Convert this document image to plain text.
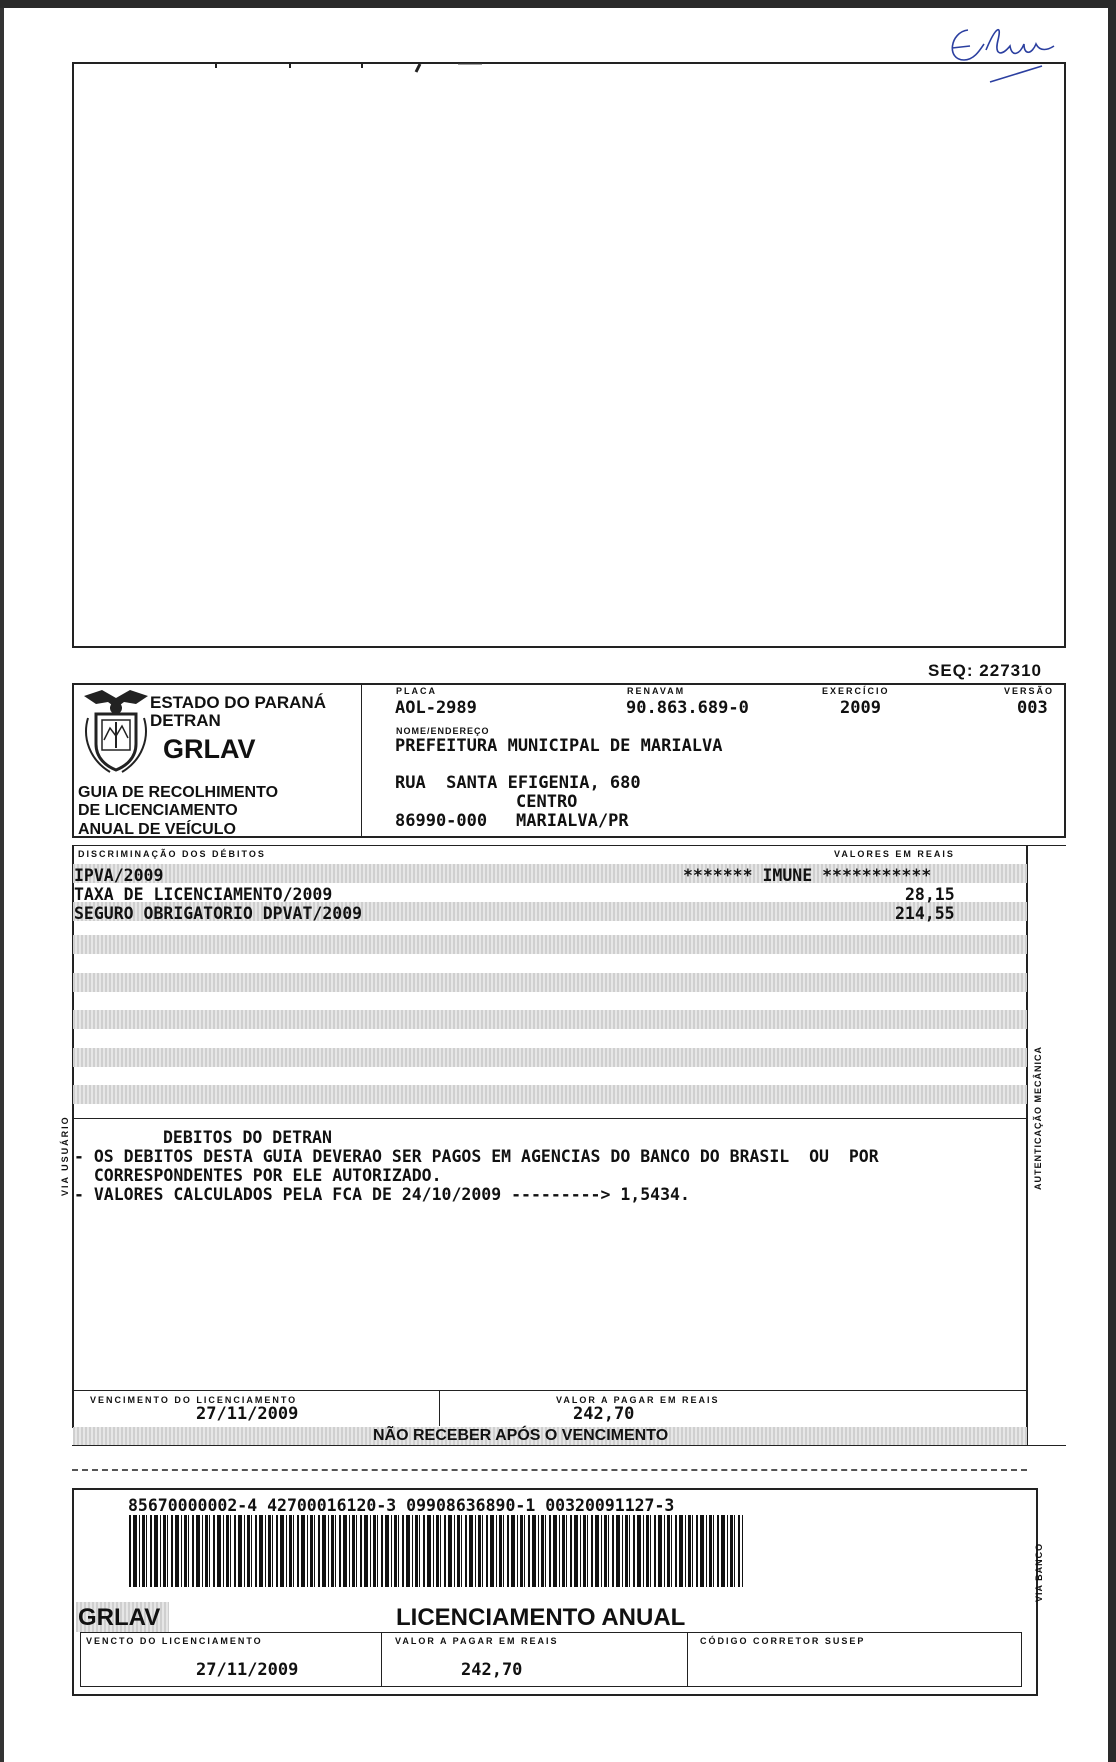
SEQ: 227310
ESTADO DO PARANÁ
DETRAN
GRLAV
GUIA DE RECOLHIMENTO
DE LICENCIAMENTO
ANUAL DE VEÍCULO
PLACA
AOL-2989
RENAVAM
90.863.689-0
EXERCÍCIO
2009
VERSÃO
003
NOME/ENDEREÇO
PREFEITURA MUNICIPAL DE MARIALVA
RUA  SANTA EFIGENIA, 680
CENTRO
86990-000 MARIALVA/PR
DISCRIMINAÇÃO DOS DÉBITOS	VALORES EM REAIS
IPVA/2009	******* IMUNE ***********
TAXA DE LICENCIAMENTO/2009	28,15
SEGURO OBRIGATORIO DPVAT/2009	214,55
DEBITOS DO DETRAN
- OS DEBITOS DESTA GUIA DEVERAO SER PAGOS EM AGENCIAS DO BANCO DO BRASIL  OU  POR
CORRESPONDENTES POR ELE AUTORIZADO.
- VALORES CALCULADOS PELA FCA DE 24/10/2009 ---------> 1,5434.
VIA USUÁRIO	AUTENTICAÇÃO MECÂNICA
VENCIMENTO DO LICENCIAMENTO
27/11/2009
VALOR A PAGAR EM REAIS
242,70
NÃO RECEBER APÓS O VENCIMENTO
85670000002-4 42700016120-3 09908636890-1 00320091127-3
VIA BANCO
GRLAV	LICENCIAMENTO ANUAL
VENCTO DO LICENCIAMENTO
27/11/2009
VALOR A PAGAR EM REAIS
242,70
CÓDIGO CORRETOR SUSEP
